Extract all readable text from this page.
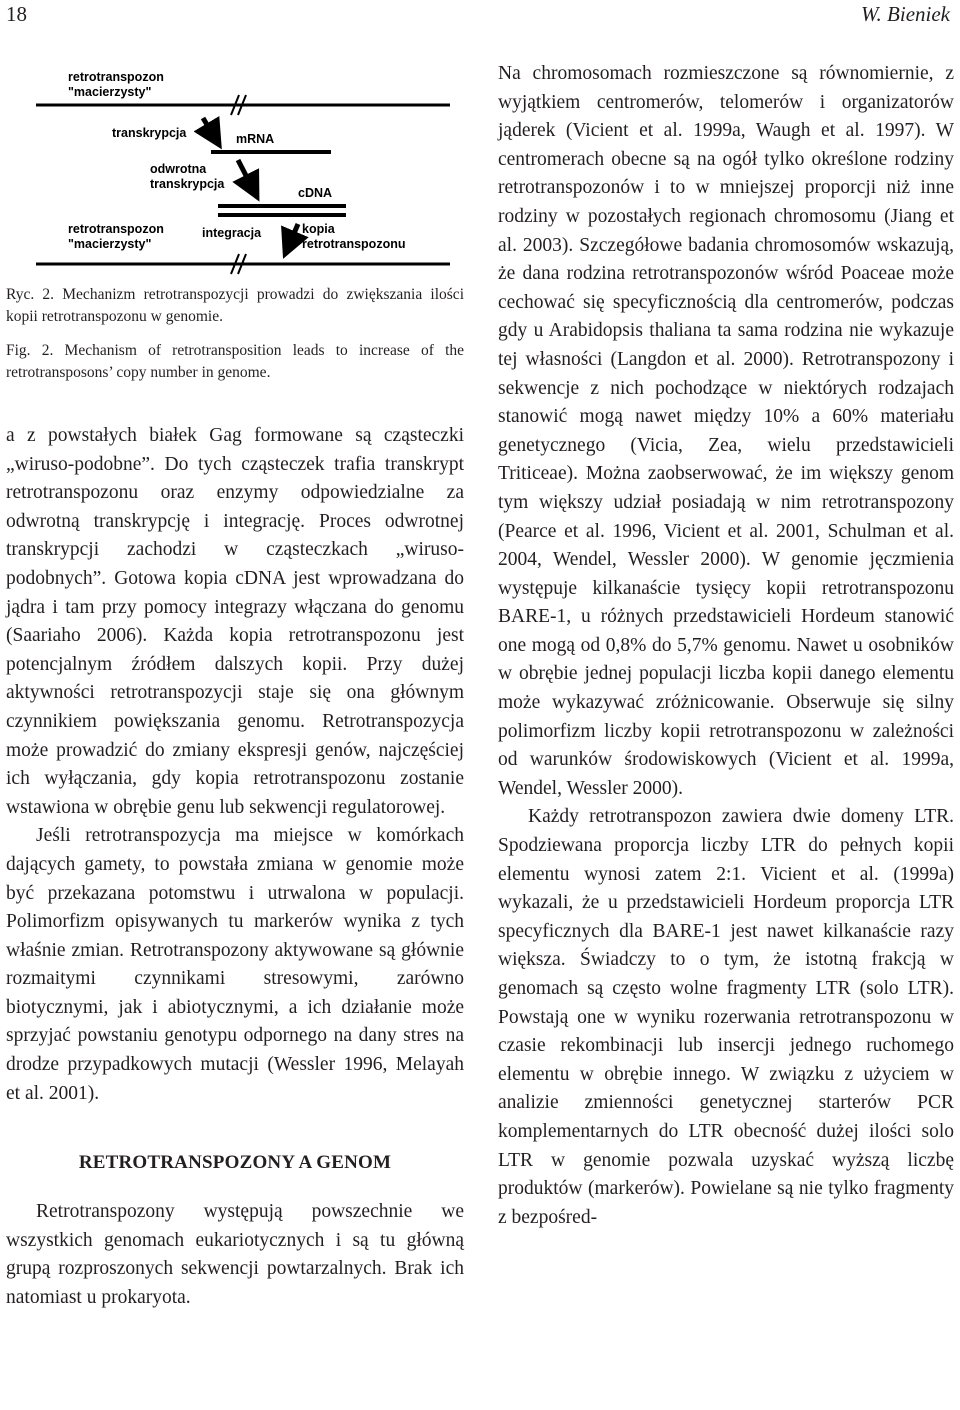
18	W. Bieniek
retrotranspozon
"macierzysty"
transkrypcja	mRNA
odwrotna
transkrypcja
cDNA
retrotranspozon
"macierzysty"
integracja	kopia
retrotranspozonu

Ryc. 2. Mechanizm retrotranspozycji prowadzi do zwiększania ilości kopii retrotranspozonu w genomie.

Fig. 2. Mechanism of retrotransposition leads to increase of the retrotransposons’ copy number in genome.

a z powstałych białek Gag formowane są cząsteczki „wiruso-podobne”. Do tych cząsteczek trafia transkrypt retrotranspozonu oraz enzymy odpowiedzialne za odwrotną transkrypcję i integrację. Proces odwrotnej transkrypcji zachodzi w cząsteczkach „wiruso-podobnych”. Gotowa kopia cDNA jest wprowadzana do jądra i tam przy pomocy integrazy włączana do genomu (Saariaho 2006). Każda kopia retrotranspozonu jest potencjalnym źródłem dalszych kopii. Przy dużej aktywności retrotranspozycji staje się ona głównym czynnikiem powiększania genomu. Retrotranspozycja może prowadzić do zmiany ekspresji genów, najczęściej ich wyłączania, gdy kopia retrotranspozonu zostanie wstawiona w obrębie genu lub sekwencji regulatorowej.

Jeśli retrotranspozycja ma miejsce w komórkach dających gamety, to powstała zmiana w genomie może być przekazana potomstwu i utrwalona w populacji. Polimorfizm opisywanych tu markerów wynika z tych właśnie zmian. Retrotranspozony aktywowane są głównie rozmaitymi czynnikami stresowymi, zarówno biotycznymi, jak i abiotycznymi, a ich działanie może sprzyjać powstaniu genotypu odpornego na dany stres na drodze przypadkowych mutacji (Wessler 1996, Melayah et al. 2001).

RETROTRANSPOZONY A GENOM

Retrotranspozony występują powszechnie we wszystkich genomach eukariotycznych i są tu główną grupą rozproszonych sekwencji powtarzalnych. Brak ich natomiast u prokaryota.

Na chromosomach rozmieszczone są równomiernie, z wyjątkiem centromerów, telomerów i organizatorów jąderek (Vicient et al. 1999a, Waugh et al. 1997). W centromerach obecne są na ogół tylko określone rodziny retrotranspozonów i to w mniejszej proporcji niż inne rodziny w pozostałych regionach chromosomu (Jiang et al. 2003). Szczegółowe badania chromosomów wskazują, że dana rodzina retrotranspozonów wśród Poaceae może cechować się specyficznością dla centromerów, podczas gdy u Arabidopsis thaliana ta sama rodzina nie wykazuje tej własności (Langdon et al. 2000). Retrotranspozony i sekwencje z nich pochodzące w niektórych rodzajach stanowić mogą nawet między 10% a 60% materiału genetycznego (Vicia, Zea, wielu przedstawicieli Triticeae). Można zaobserwować, że im większy genom tym większy udział posiadają w nim retrotranspozony (Pearce et al. 1996, Vicient et al. 2001, Schulman et al. 2004, Wendel, Wessler 2000). W genomie jęczmienia występuje kilkanaście tysięcy kopii retrotranspozonu BARE-1, u różnych przedstawicieli Hordeum stanowić one mogą od 0,8% do 5,7% genomu. Nawet u osobników w obrębie jednej populacji liczba kopii danego elementu może wykazywać zróżnicowanie. Obserwuje się silny polimorfizm liczby kopii retrotranspozonu w zależności od warunków środowiskowych (Vicient et al. 1999a, Wendel, Wessler 2000).

Każdy retrotranspozon zawiera dwie domeny LTR. Spodziewana proporcja liczby LTR do pełnych kopii elementu wynosi zatem 2:1. Vicient et al. (1999a) wykazali, że u przedstawicieli Hordeum proporcja LTR specyficznych dla BARE-1 jest nawet kilkanaście razy większa. Świadczy to o tym, że istotną frakcją w genomach są często wolne fragmenty LTR (solo LTR). Powstają one w wyniku rozerwania retrotranspozonu w czasie rekombinacji lub insercji jednego ruchomego elementu w obrębie innego. W związku z użyciem w analizie zmienności genetycznej starterów PCR komplementarnych do LTR obecność dużej ilości solo LTR w genomie pozwala uzyskać wyższą liczbę produktów (markerów). Powielane są nie tylko fragmenty z bezpośred-
